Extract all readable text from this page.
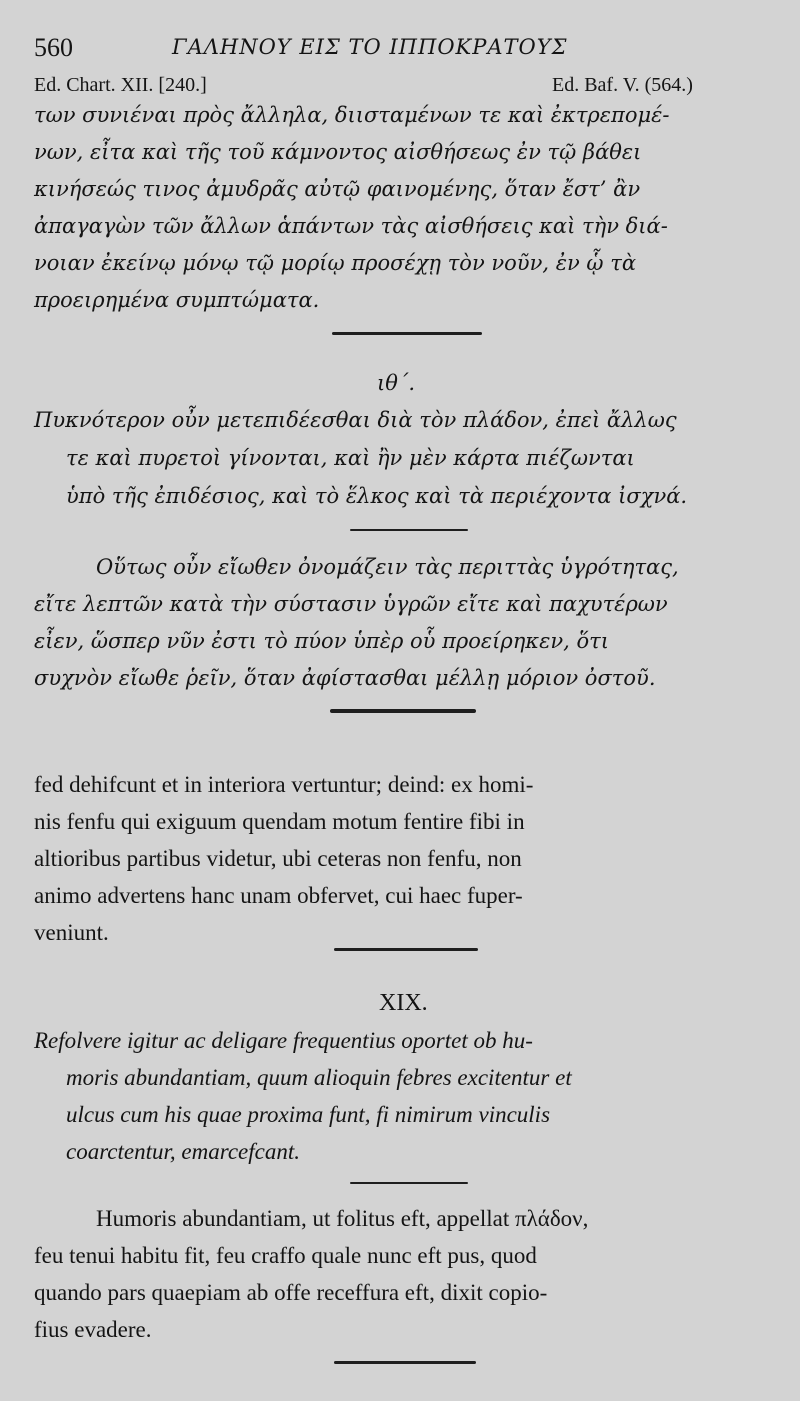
560	ΓΑΛΗΝΟΥ ΕΙΣ ΤΟ ΙΠΠΟΚΡΑΤΟΥΣ
Ed. Chart. XII. [240.]	Ed. Baf. V. (564.)
των συνιέναι πρὸς ἄλληλα, διισταμένων τε καὶ ἐκτρεπομέ-
νων, εἶτα καὶ τῆς τοῦ κάμνοντος αἰσθήσεως ἐν τῷ βάθει
κινήσεώς τινος ἀμυδρᾶς αὐτῷ φαινομένης, ὅταν ἔστ’ ἂν
ἀπαγαγὼν τῶν ἄλλων ἁπάντων τὰς αἰσθήσεις καὶ τὴν διά-
νοιαν ἐκείνῳ μόνῳ τῷ μορίῳ προσέχῃ τὸν νοῦν, ἐν ᾧ τὰ
προειρημένα συμπτώματα.
ιθ΄.
Πυκνότερον οὖν μετεπιδέεσθαι διὰ τὸν πλάδον, ἐπεὶ ἄλλως
τε καὶ πυρετοὶ γίνονται, καὶ ἢν μὲν κάρτα πιέζωνται
ὑπὸ τῆς ἐπιδέσιος, καὶ τὸ ἕλκος καὶ τὰ περιέχοντα ἰσχνά.
Οὕτως οὖν εἴωθεν ὀνομάζειν τὰς περιττὰς ὑγρότητας,
εἴτε λεπτῶν κατὰ τὴν σύστασιν ὑγρῶν εἴτε καὶ παχυτέρων
εἶεν, ὥσπερ νῦν ἐστι τὸ πύον ὑπὲρ οὗ προείρηκεν, ὅτι
συχνὸν εἴωθε ῥεῖν, ὅταν ἀφίστασθαι μέλλῃ μόριον ὀστοῦ.
fed dehifcunt et in interiora vertuntur; deind: ex homi-
nis fenfu qui exiguum quendam motum fentire fibi in
altioribus partibus videtur, ubi ceteras non fenfu, non
animo advertens hanc unam obfervet, cui haec fuper-
veniunt.
XIX.
Refolvere igitur ac deligare frequentius oportet ob hu-
moris abundantiam, quum alioquin febres excitentur et
ulcus cum his quae proxima funt, fi nimirum vinculis
coarctentur, emarcefcant.
Humoris abundantiam, ut folitus eft, appellat πλάδον,
feu tenui habitu fit, feu craffo quale nunc eft pus, quod
quando pars quaepiam ab offe receffura eft, dixit copio-
fius evadere.
